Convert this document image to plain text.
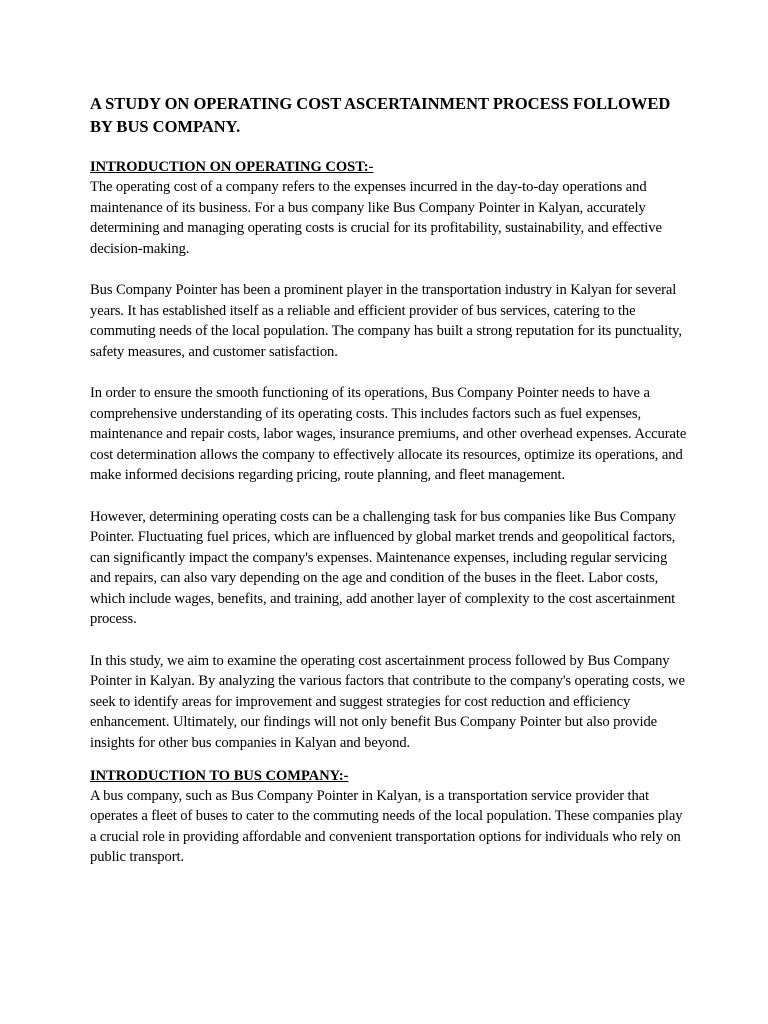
A STUDY ON OPERATING COST ASCERTAINMENT PROCESS FOLLOWED BY BUS COMPANY.
INTRODUCTION ON OPERATING COST:-

The operating cost of a company refers to the expenses incurred in the day-to-day operations and maintenance of its business. For a bus company like Bus Company Pointer in Kalyan, accurately determining and managing operating costs is crucial for its profitability, sustainability, and effective decision-making.

Bus Company Pointer has been a prominent player in the transportation industry in Kalyan for several years. It has established itself as a reliable and efficient provider of bus services, catering to the commuting needs of the local population. The company has built a strong reputation for its punctuality, safety measures, and customer satisfaction.

In order to ensure the smooth functioning of its operations, Bus Company Pointer needs to have a comprehensive understanding of its operating costs. This includes factors such as fuel expenses, maintenance and repair costs, labor wages, insurance premiums, and other overhead expenses. Accurate cost determination allows the company to effectively allocate its resources, optimize its operations, and make informed decisions regarding pricing, route planning, and fleet management.

However, determining operating costs can be a challenging task for bus companies like Bus Company Pointer. Fluctuating fuel prices, which are influenced by global market trends and geopolitical factors, can significantly impact the company's expenses. Maintenance expenses, including regular servicing and repairs, can also vary depending on the age and condition of the buses in the fleet. Labor costs, which include wages, benefits, and training, add another layer of complexity to the cost ascertainment process.

In this study, we aim to examine the operating cost ascertainment process followed by Bus Company Pointer in Kalyan. By analyzing the various factors that contribute to the company's operating costs, we seek to identify areas for improvement and suggest strategies for cost reduction and efficiency enhancement. Ultimately, our findings will not only benefit Bus Company Pointer but also provide insights for other bus companies in Kalyan and beyond.

INTRODUCTION TO BUS COMPANY:-

A bus company, such as Bus Company Pointer in Kalyan, is a transportation service provider that operates a fleet of buses to cater to the commuting needs of the local population. These companies play a crucial role in providing affordable and convenient transportation options for individuals who rely on public transport.
